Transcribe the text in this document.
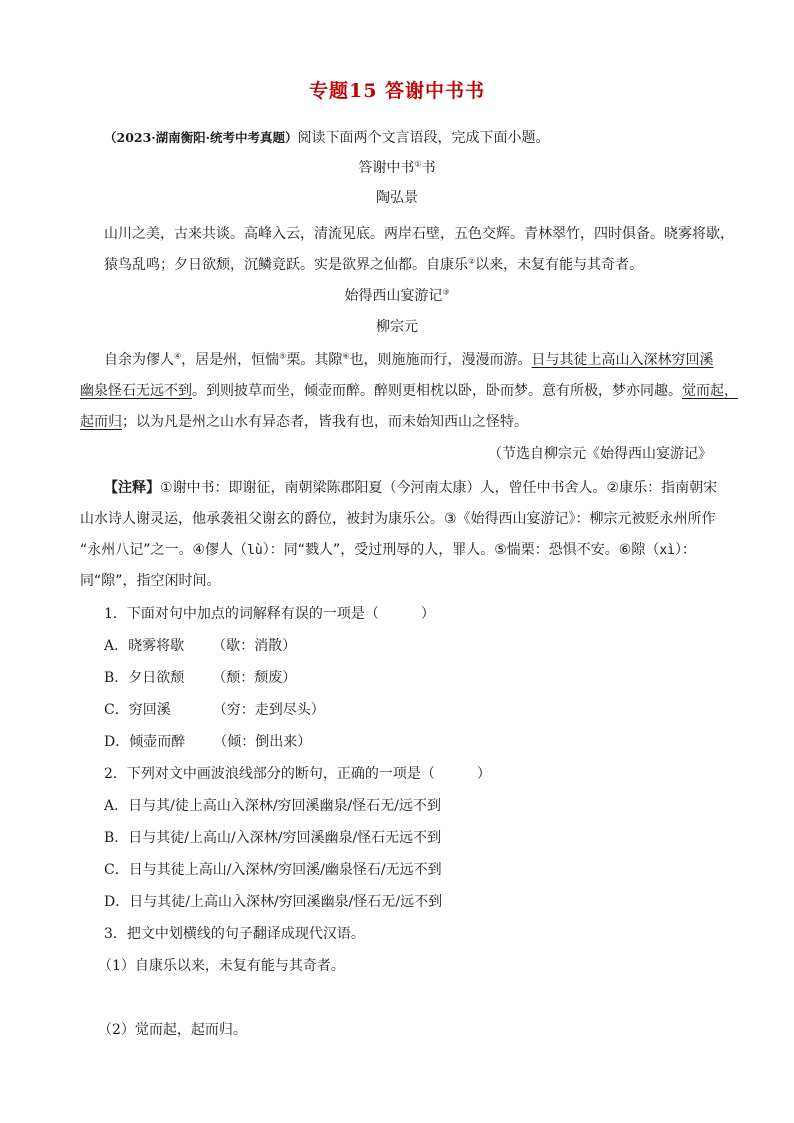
专题15 答谢中书书
（2023·湖南衡阳·统考中考真题）阅读下面两个文言语段，完成下面小题。
答谢中书①书
陶弘景
山川之美，古来共谈。高峰入云，清流见底。两岸石壁，五色交辉。青林翠竹，四时俱备。晓雾将歇，
猿鸟乱鸣；夕日欲颓，沉鳞竞跃。实是欲界之仙都。自康乐②以来，未复有能与其奇者。
始得西山宴游记③
柳宗元
自余为僇人④，居是州，恒惴⑤栗。其隙⑥也，则施施而行，漫漫而游。日与其徒上高山入深林穷回溪
幽泉怪石无远不到。到则披草而坐，倾壶而醉。醉则更相枕以卧，卧而梦。意有所极，梦亦同趣。觉而起，
起而归；以为凡是州之山水有异态者，皆我有也，而未始知西山之怪特。
（节选自柳宗元《始得西山宴游记》
【注释】①谢中书：即谢征，南朝梁陈郡阳夏（今河南太康）人，曾任中书舍人。②康乐：指南朝宋
山水诗人谢灵运，他承袭祖父谢玄的爵位，被封为康乐公。③《始得西山宴游记》：柳宗元被贬永州所作
“永州八记”之一。④僇人（lù）：同“戮人”，受过刑辱的人，罪人。⑤惴栗：恐惧不安。⑥隙（xì）：
同“隙”，指空闲时间。
1．下面对句中加点的词解释有误的一项是（　　　）
A．晓雾将歇 （歇：消散）
B．夕日欲颓 （颓：颓废）
C．穷回溪	（穷：走到尽头）
D．倾壶而醉 （倾：倒出来）
2．下列对文中画波浪线部分的断句，正确的一项是（　　　）
A．日与其/徒上高山入深林/穷回溪幽泉/怪石无/远不到
B．日与其徒/上高山/入深林/穷回溪幽泉/怪石无远不到
C．日与其徒上高山/入深林/穷回溪/幽泉怪石/无远不到
D．日与其徒/上高山入深林/穷回溪幽泉/怪石无/远不到
3．把文中划横线的句子翻译成现代汉语。
（1）自康乐以来，未复有能与其奇者。
（2）觉而起，起而归。
